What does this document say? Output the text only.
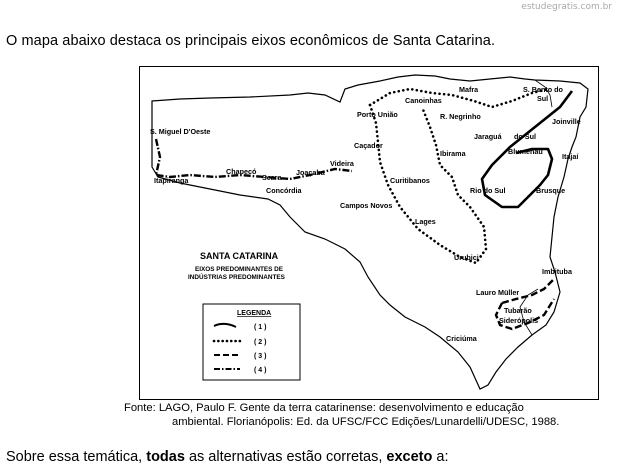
estudegratis.com.br
O mapa abaixo destaca os principais eixos econômicos de Santa Catarina.
S. Miguel D'Oeste
Itapiranga
Chapecó
Seara
Joaçaba
Concórdia
Videira
Caçador
Porto União
Canoinhas
Mafra	S. Bento do
Sul
Joinville
R. Negrinho
Jaraguá do Sul
Blumenau
Itajaí
Ibirama
Curitibanos
Rio do Sul	Brusque
Campos Novos
Lages
Urubici
Imbituba
Lauro Müller
Tubarão
Siderópolis
Criciúma
SANTA CATARINA
EIXOS PREDOMINANTES DE
INDÚSTRIAS PREDOMINANTES
LEGENDA
( 1 )
( 2 )
( 3 )
( 4 )
Fonte: LAGO, Paulo F. Gente da terra catarinense: desenvolvimento e educação
ambiental. Florianópolis: Ed. da UFSC/FCC Edições/Lunardelli/UDESC, 1988.
Sobre essa temática, todas as alternativas estão corretas, exceto a:
